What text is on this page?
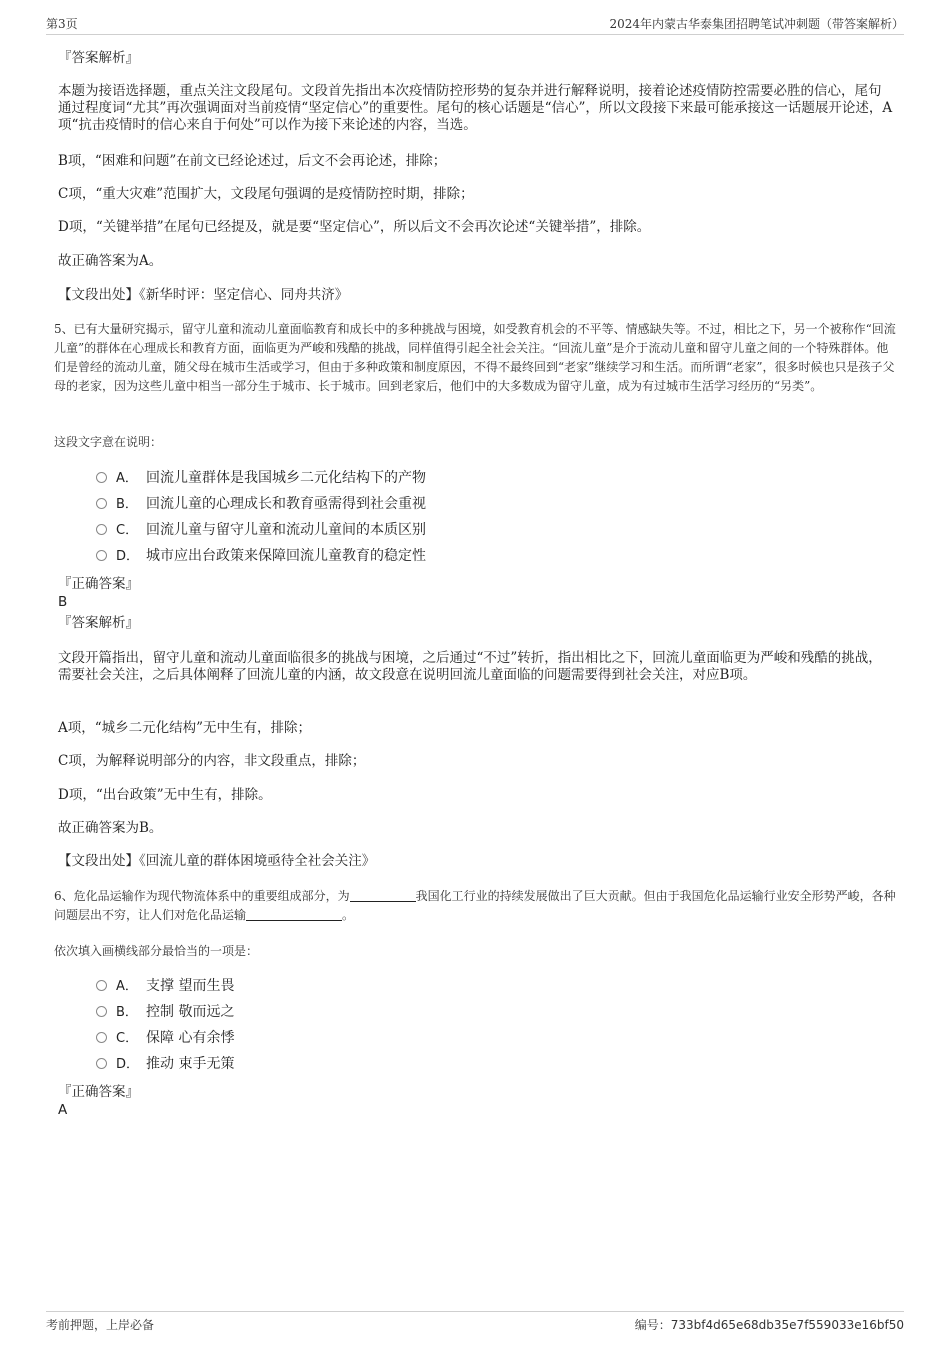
第3页	2024年内蒙古华泰集团招聘笔试冲刺题（带答案解析）

『答案解析』

本题为接语选择题，重点关注文段尾句。文段首先指出本次疫情防控形势的复杂并进行解释说明，接着论述疫情防控需要必胜的信心，尾句通过程度词“尤其”再次强调面对当前疫情“坚定信心”的重要性。尾句的核心话题是“信心”，所以文段接下来最可能承接这一话题展开论述，A项“抗击疫情时的信心来自于何处”可以作为接下来论述的内容，当选。

B项，“困难和问题”在前文已经论述过，后文不会再论述，排除；

C项，“重大灾难”范围扩大，文段尾句强调的是疫情防控时期，排除；

D项，“关键举措”在尾句已经提及，就是要“坚定信心”，所以后文不会再次论述“关键举措”，排除。

故正确答案为A。

【文段出处】《新华时评：坚定信心、同舟共济》

5、已有大量研究揭示，留守儿童和流动儿童面临教育和成长中的多种挑战与困境，如受教育机会的不平等、情感缺失等。不过，相比之下，另一个被称作“回流儿童”的群体在心理成长和教育方面，面临更为严峻和残酷的挑战，同样值得引起全社会关注。“回流儿童”是介于流动儿童和留守儿童之间的一个特殊群体。他们是曾经的流动儿童，随父母在城市生活或学习，但由于多种政策和制度原因，不得不最终回到“老家”继续学习和生活。而所谓“老家”，很多时候也只是孩子父母的老家，因为这些儿童中相当一部分生于城市、长于城市。回到老家后，他们中的大多数成为留守儿童，成为有过城市生活学习经历的“另类”。

这段文字意在说明：

A． 回流儿童群体是我国城乡二元化结构下的产物
B． 回流儿童的心理成长和教育亟需得到社会重视
C． 回流儿童与留守儿童和流动儿童间的本质区别
D． 城市应出台政策来保障回流儿童教育的稳定性

『正确答案』

B

『答案解析』

文段开篇指出，留守儿童和流动儿童面临很多的挑战与困境，之后通过“不过”转折，指出相比之下，回流儿童面临更为严峻和残酷的挑战，需要社会关注，之后具体阐释了回流儿童的内涵，故文段意在说明回流儿童面临的问题需要得到社会关注，对应B项。

A项，“城乡二元化结构”无中生有，排除；

C项，为解释说明部分的内容，非文段重点，排除；

D项，“出台政策”无中生有，排除。

故正确答案为B。

【文段出处】《回流儿童的群体困境亟待全社会关注》

6、危化品运输作为现代物流体系中的重要组成部分，为	我国化工行业的持续发展做出了巨大贡献。但由于我国危化品运输行业安全形势严峻，各种问题层出不穷，让人们对危化品运输	。

依次填入画横线部分最恰当的一项是：

A． 支撑 望而生畏
B． 控制 敬而远之
C． 保障 心有余悸
D． 推动 束手无策

『正确答案』

A

考前押题，上岸必备	编号：733bf4d65e68db35e7f559033e16bf50
